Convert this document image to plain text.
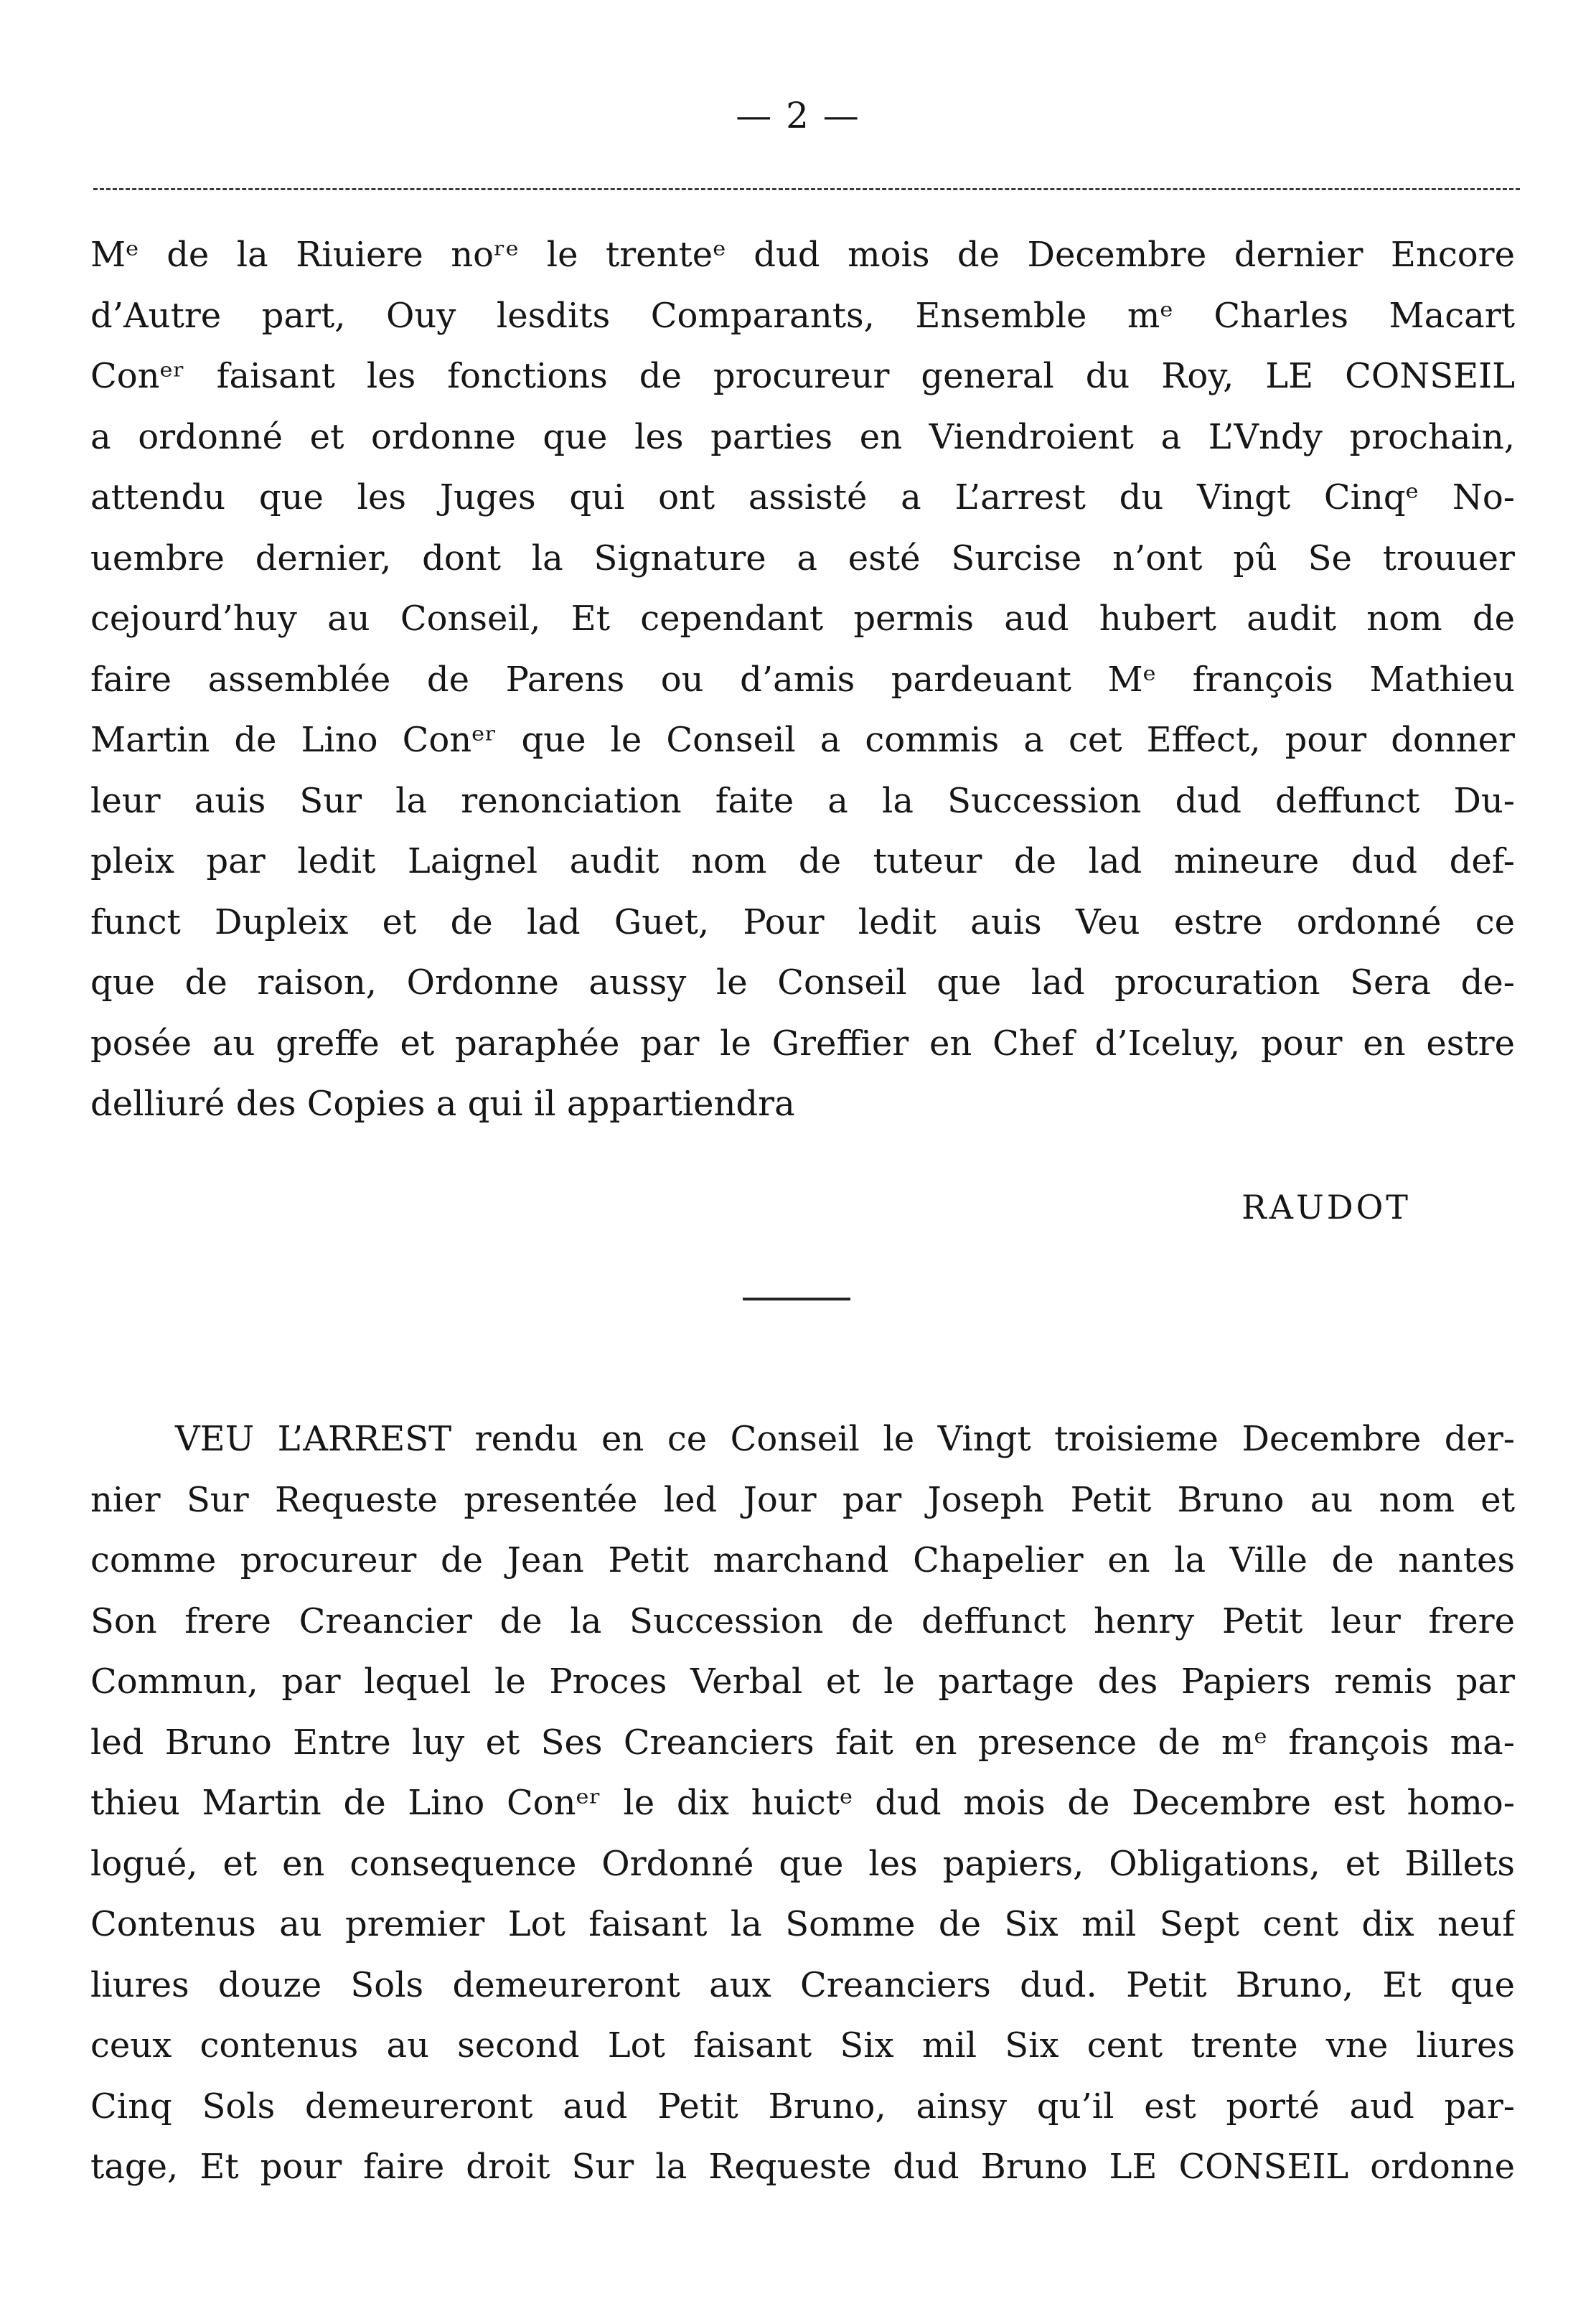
— 2 —
Mᵉ de la Riuiere noʳᵉ le trenteᵉ dud mois de Decembre dernier Encore
d’Autre part, Ouy lesdits Comparants, Ensemble mᵉ Charles Macart
Conᵉʳ faisant les fonctions de procureur general du Roy, LE CONSEIL
a ordonné et ordonne que les parties en Viendroient a L’Vndy prochain,
attendu que les Juges qui ont assisté a L’arrest du Vingt Cinqᵉ No-
uembre dernier, dont la Signature a esté Surcise n’ont pû Se trouuer
cejourd’huy au Conseil, Et cependant permis aud hubert audit nom de
faire assemblée de Parens ou d’amis pardeuant Mᵉ françois Mathieu
Martin de Lino Conᵉʳ que le Conseil a commis a cet Effect, pour donner
leur auis Sur la renonciation faite a la Succession dud deffunct Du-
pleix par ledit Laignel audit nom de tuteur de lad mineure dud def-
funct Dupleix et de lad Guet, Pour ledit auis Veu estre ordonné ce
que de raison, Ordonne aussy le Conseil que lad procuration Sera de-
posée au greffe et paraphée par le Greffier en Chef d’Iceluy, pour en estre
delliuré des Copies a qui il appartiendra
RAUDOT
VEU L’ARREST rendu en ce Conseil le Vingt troisieme Decembre der-
nier Sur Requeste presentée led Jour par Joseph Petit Bruno au nom et
comme procureur de Jean Petit marchand Chapelier en la Ville de nantes
Son frere Creancier de la Succession de deffunct henry Petit leur frere
Commun, par lequel le Proces Verbal et le partage des Papiers remis par
led Bruno Entre luy et Ses Creanciers fait en presence de mᵉ françois ma-
thieu Martin de Lino Conᵉʳ le dix huictᵉ dud mois de Decembre est homo-
logué, et en consequence Ordonné que les papiers, Obligations, et Billets
Contenus au premier Lot faisant la Somme de Six mil Sept cent dix neuf
liures douze Sols demeureront aux Creanciers dud. Petit Bruno, Et que
ceux contenus au second Lot faisant Six mil Six cent trente vne liures
Cinq Sols demeureront aud Petit Bruno, ainsy qu’il est porté aud par-
tage, Et pour faire droit Sur la Requeste dud Bruno LE CONSEIL ordonne
